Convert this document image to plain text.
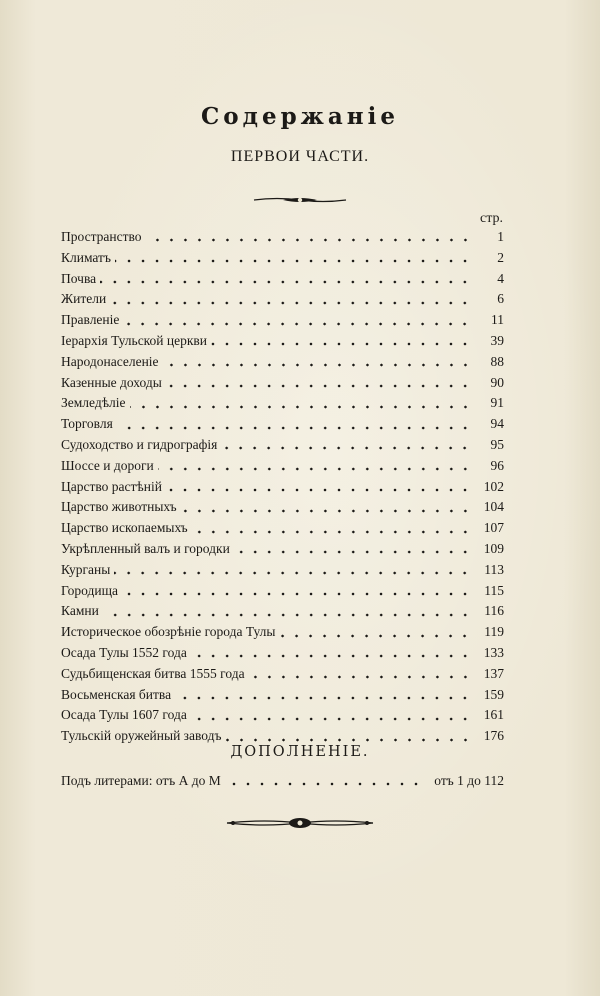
Содержаніе
ПЕРВОИ ЧАСТИ.
стр.
Пространство	1
Климатъ	2
Почва	4
Жители	6
Правленіе	11
Іерархія Тульской церкви	39
Народонаселеніе	88
Казенные доходы	90
Земледѣліе	91
Торговля	94
Судоходство и гидрографія	95
Шоссе и дороги	96
Царство растѣній	102
Царство животныхъ	104
Царство ископаемыхъ	107
Укрѣпленный валъ и городки	109
Курганы	113
Городища	115
Камни	116
Историческое обозрѣніе города Тулы	119
Осада Тулы 1552 года	133
Судьбищенская битва 1555 года	137
Восьменская битва	159
Осада Тулы 1607 года	161
Тульскій оружейный заводъ	176
ДОПОЛНЕНІЕ.
Подъ литерами: отъ А до М	отъ 1 до 112
